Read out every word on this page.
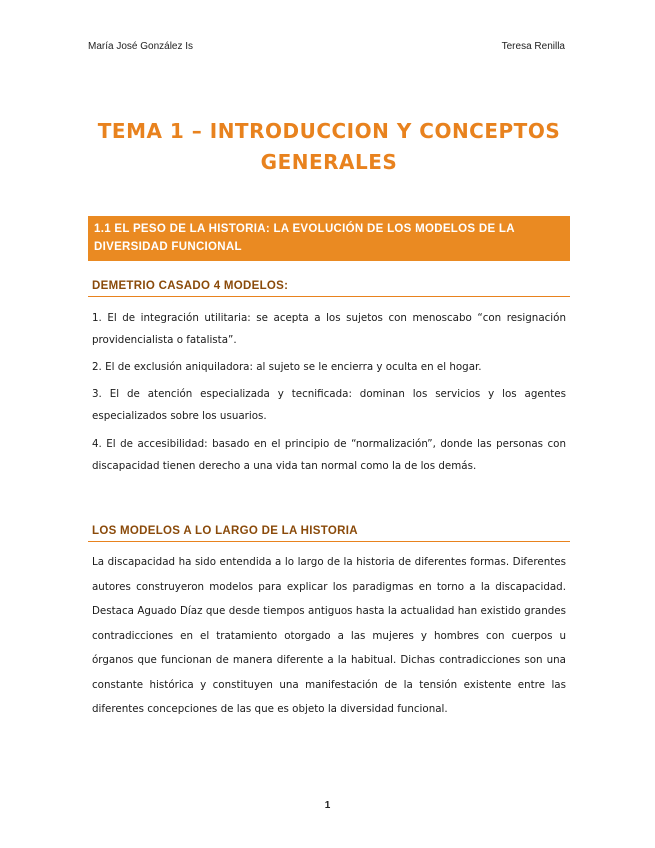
María José González Is	Teresa Renilla
TEMA 1 – INTRODUCCION Y CONCEPTOS GENERALES
1.1 EL PESO DE LA HISTORIA: LA EVOLUCIÓN DE LOS MODELOS DE LA DIVERSIDAD FUNCIONAL
DEMETRIO CASADO 4 MODELOS:

1. El de integración utilitaria: se acepta a los sujetos con menoscabo “con resignación providencialista o fatalista”.

2. El de exclusión aniquiladora: al sujeto se le encierra y oculta en el hogar.

3. El de atención especializada y tecnificada: dominan los servicios y los agentes especializados sobre los usuarios.

4. El de accesibilidad: basado en el principio de “normalización”, donde las personas con discapacidad tienen derecho a una vida tan normal como la de los demás.

LOS MODELOS A LO LARGO DE LA HISTORIA

La discapacidad ha sido entendida a lo largo de la historia de diferentes formas. Diferentes autores construyeron modelos para explicar los paradigmas en torno a la discapacidad. Destaca Aguado Díaz que desde tiempos antiguos hasta la actualidad han existido grandes contradicciones en el tratamiento otorgado a las mujeres y hombres con cuerpos u órganos que funcionan de manera diferente a la habitual. Dichas contradicciones son una constante histórica y constituyen una manifestación de la tensión existente entre las diferentes concepciones de las que es objeto la diversidad funcional.

1
